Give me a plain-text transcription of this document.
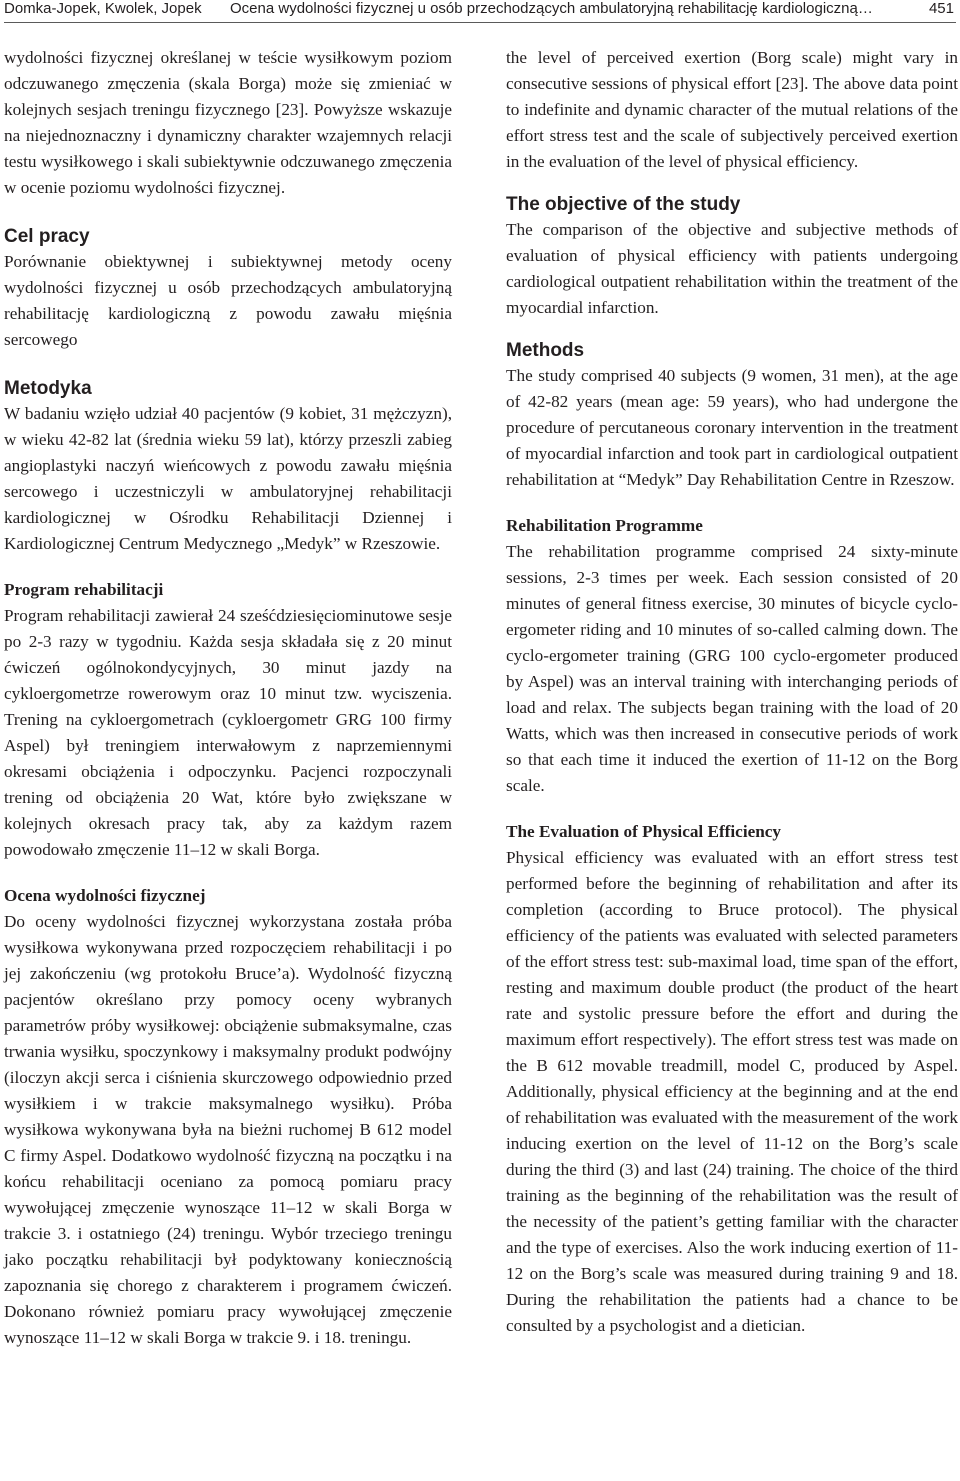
Domka-Jopek, Kwolek, Jopek Ocena wydolności fizycznej u osób przechodzących ambulatoryjną rehabilitację kardiologiczną…	451

wydolności fizycznej określanej w teście wysiłkowym poziom odczuwanego zmęczenia (skala Borga) może się zmieniać w kolejnych sesjach treningu fizycznego [23]. Powyższe wskazuje na niejednoznaczny i dynamiczny charakter wzajemnych relacji testu wysiłkowego i skali subiektywnie odczuwanego zmęczenia w ocenie poziomu wydolności fizycznej.

Cel pracy

Porównanie obiektywnej i subiektywnej metody oceny wydolności fizycznej u osób przechodzących ambulatoryjną rehabilitację kardiologiczną z powodu zawału mięśnia sercowego

Metodyka

W badaniu wzięło udział 40 pacjentów (9 kobiet, 31 mężczyzn), w wieku 42-82 lat (średnia wieku 59 lat), którzy przeszli zabieg angioplastyki naczyń wieńcowych z powodu zawału mięśnia sercowego i uczestniczyli w ambulatoryjnej rehabilitacji kardiologicznej w Ośrodku Rehabilitacji Dziennej i Kardiologicznej Centrum Medycznego „Medyk” w Rzeszowie.

Program rehabilitacji

Program rehabilitacji zawierał 24 sześćdziesięciominutowe sesje po 2-3 razy w tygodniu. Każda sesja składała się z 20 minut ćwiczeń ogólnokondycyjnych, 30 minut jazdy na cykloergometrze rowerowym oraz 10 minut tzw. wyciszenia. Trening na cykloergometrach (cykloergometr GRG 100 firmy Aspel) był treningiem interwałowym z naprzemiennymi okresami obciążenia i odpoczynku. Pacjenci rozpoczynali trening od obciążenia 20 Wat, które było zwiększane w kolejnych okresach pracy tak, aby za każdym razem powodowało zmęczenie 11–12 w skali Borga.

Ocena wydolności fizycznej

Do oceny wydolności fizycznej wykorzystana została próba wysiłkowa wykonywana przed rozpoczęciem rehabilitacji i po jej zakończeniu (wg protokołu Bruce’a). Wydolność fizyczną pacjentów określano przy pomocy oceny wybranych parametrów próby wysiłkowej: obciążenie submaksymalne, czas trwania wysiłku, spoczynkowy i maksymalny produkt podwójny (iloczyn akcji serca i ciśnienia skurczowego odpowiednio przed wysiłkiem i w trakcie maksymalnego wysiłku). Próba wysiłkowa wykonywana była na bieżni ruchomej B 612 model C firmy Aspel. Dodatkowo wydolność fizyczną na początku i na końcu rehabilitacji oceniano za pomocą pomiaru pracy wywołującej zmęczenie wynoszące 11–12 w skali Borga w trakcie 3. i ostatniego (24) treningu. Wybór trzeciego treningu jako początku rehabilitacji był podyktowany koniecznością zapoznania się chorego z charakterem i programem ćwiczeń. Dokonano również pomiaru pracy wywołującej zmęczenie wynoszące 11–12 w skali Borga w trakcie 9. i 18. treningu.

the level of perceived exertion (Borg scale) might vary in consecutive sessions of physical effort [23]. The above data point to indefinite and dynamic character of the mutual relations of the effort stress test and the scale of subjectively perceived exertion in the evaluation of the level of physical efficiency.

The objective of the study

The comparison of the objective and subjective methods of evaluation of physical efficiency with patients undergoing cardiological outpatient rehabilitation within the treatment of the myocardial infarction.

Methods

The study comprised 40 subjects (9 women, 31 men), at the age of 42-82 years (mean age: 59 years), who had undergone the procedure of percutaneous coronary intervention in the treatment of myocardial infarction and took part in cardiological outpatient rehabilitation at “Medyk” Day Rehabilitation Centre in Rzeszow.

Rehabilitation Programme

The rehabilitation programme comprised 24 sixty-minute sessions, 2-3 times per week. Each session consisted of 20 minutes of general fitness exercise, 30 minutes of bicycle cyclo-ergometer riding and 10 minutes of so-called calming down. The cyclo-ergometer training (GRG 100 cyclo-ergometer produced by Aspel) was an interval training with interchanging periods of load and relax. The subjects began training with the load of 20 Watts, which was then increased in consecutive periods of work so that each time it induced the exertion of 11-12 on the Borg scale.

The Evaluation of Physical Efficiency

Physical efficiency was evaluated with an effort stress test performed before the beginning of rehabilitation and after its completion (according to Bruce protocol). The physical efficiency of the patients was evaluated with selected parameters of the effort stress test: sub-maximal load, time span of the effort, resting and maximum double product (the product of the heart rate and systolic pressure before the effort and during the maximum effort respectively). The effort stress test was made on the B 612 movable treadmill, model C, produced by Aspel. Additionally, physical efficiency at the beginning and at the end of rehabilitation was evaluated with the measurement of the work inducing exertion on the level of 11-12 on the Borg’s scale during the third (3) and last (24) training. The choice of the third training as the beginning of the rehabilitation was the result of the necessity of the patient’s getting familiar with the character and the type of exercises. Also the work inducing exertion of 11-12 on the Borg’s scale was measured during training 9 and 18. During the rehabilitation the patients had a chance to be consulted by a psychologist and a dietician.
